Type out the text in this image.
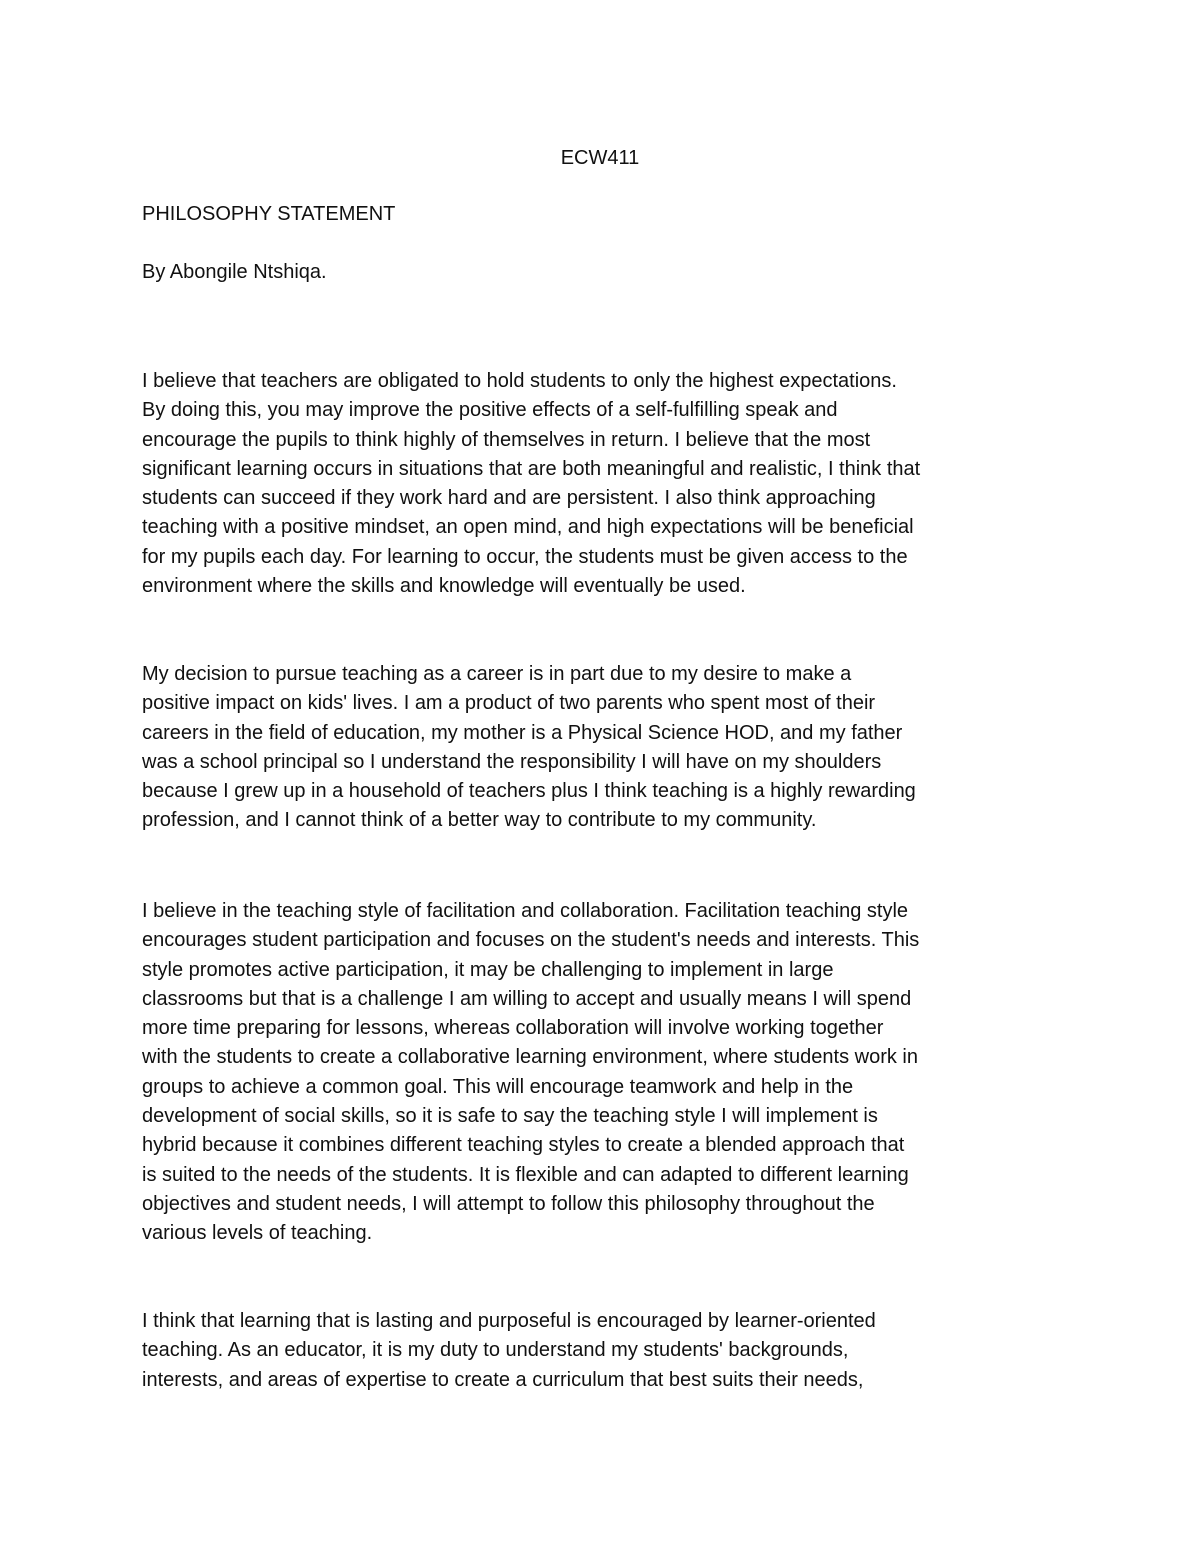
ECW411

PHILOSOPHY STATEMENT

By Abongile Ntshiqa.

I believe that teachers are obligated to hold students to only the highest expectations.
By doing this, you may improve the positive effects of a self-fulfilling speak and
encourage the pupils to think highly of themselves in return. I believe that the most
significant learning occurs in situations that are both meaningful and realistic, I think that
students can succeed if they work hard and are persistent. I also think approaching
teaching with a positive mindset, an open mind, and high expectations will be beneficial
for my pupils each day. For learning to occur, the students must be given access to the
environment where the skills and knowledge will eventually be used.
My decision to pursue teaching as a career is in part due to my desire to make a
positive impact on kids' lives. I am a product of two parents who spent most of their
careers in the field of education, my mother is a Physical Science HOD, and my father
was a school principal so I understand the responsibility I will have on my shoulders
because I grew up in a household of teachers plus I think teaching is a highly rewarding
profession, and I cannot think of a better way to contribute to my community.
I believe in the teaching style of facilitation and collaboration. Facilitation teaching style
encourages student participation and focuses on the student's needs and interests. This
style promotes active participation, it may be challenging to implement in large
classrooms but that is a challenge I am willing to accept and usually means I will spend
more time preparing for lessons, whereas collaboration will involve working together
with the students to create a collaborative learning environment, where students work in
groups to achieve a common goal. This will encourage teamwork and help in the
development of social skills, so it is safe to say the teaching style I will implement is
hybrid because it combines different teaching styles to create a blended approach that
is suited to the needs of the students. It is flexible and can adapted to different learning
objectives and student needs, I will attempt to follow this philosophy throughout the
various levels of teaching.
I think that learning that is lasting and purposeful is encouraged by learner-oriented
teaching. As an educator, it is my duty to understand my students' backgrounds,
interests, and areas of expertise to create a curriculum that best suits their needs,
